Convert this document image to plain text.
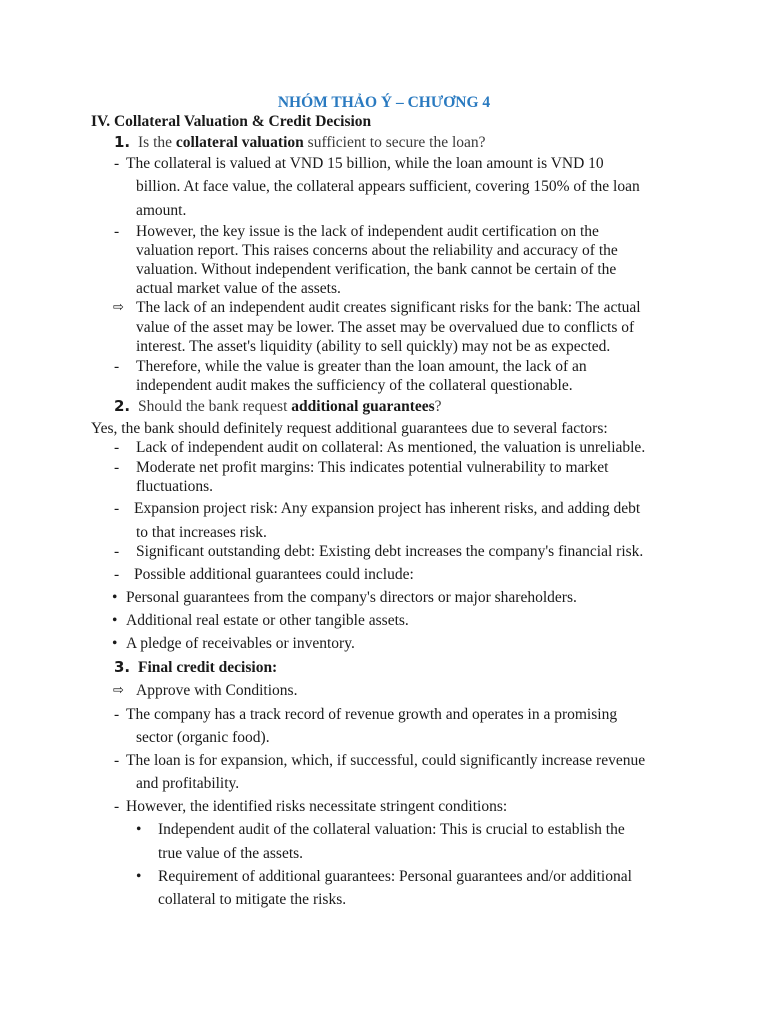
NHÓM THẢO Ý – CHƯƠNG 4
IV. Collateral Valuation & Credit Decision
1. Is the collateral valuation sufficient to secure the loan?
- The collateral is valued at VND 15 billion, while the loan amount is VND 10
billion. At face value, the collateral appears sufficient, covering 150% of the loan
amount.
- However, the key issue is the lack of independent audit certification on the
valuation report. This raises concerns about the reliability and accuracy of the
valuation. Without independent verification, the bank cannot be certain of the
actual market value of the assets.
⇨ The lack of an independent audit creates significant risks for the bank: The actual
value of the asset may be lower. The asset may be overvalued due to conflicts of
interest. The asset's liquidity (ability to sell quickly) may not be as expected.
- Therefore, while the value is greater than the loan amount, the lack of an
independent audit makes the sufficiency of the collateral questionable.
2. Should the bank request additional guarantees?
Yes, the bank should definitely request additional guarantees due to several factors:
- Lack of independent audit on collateral: As mentioned, the valuation is unreliable.
- Moderate net profit margins: This indicates potential vulnerability to market
fluctuations.
- Expansion project risk: Any expansion project has inherent risks, and adding debt
to that increases risk.
- Significant outstanding debt: Existing debt increases the company's financial risk.
- Possible additional guarantees could include:
• Personal guarantees from the company's directors or major shareholders.
• Additional real estate or other tangible assets.
• A pledge of receivables or inventory.
3. Final credit decision:
⇨ Approve with Conditions.
- The company has a track record of revenue growth and operates in a promising
sector (organic food).
- The loan is for expansion, which, if successful, could significantly increase revenue
and profitability.
- However, the identified risks necessitate stringent conditions:
• Independent audit of the collateral valuation: This is crucial to establish the
true value of the assets.
• Requirement of additional guarantees: Personal guarantees and/or additional
collateral to mitigate the risks.
